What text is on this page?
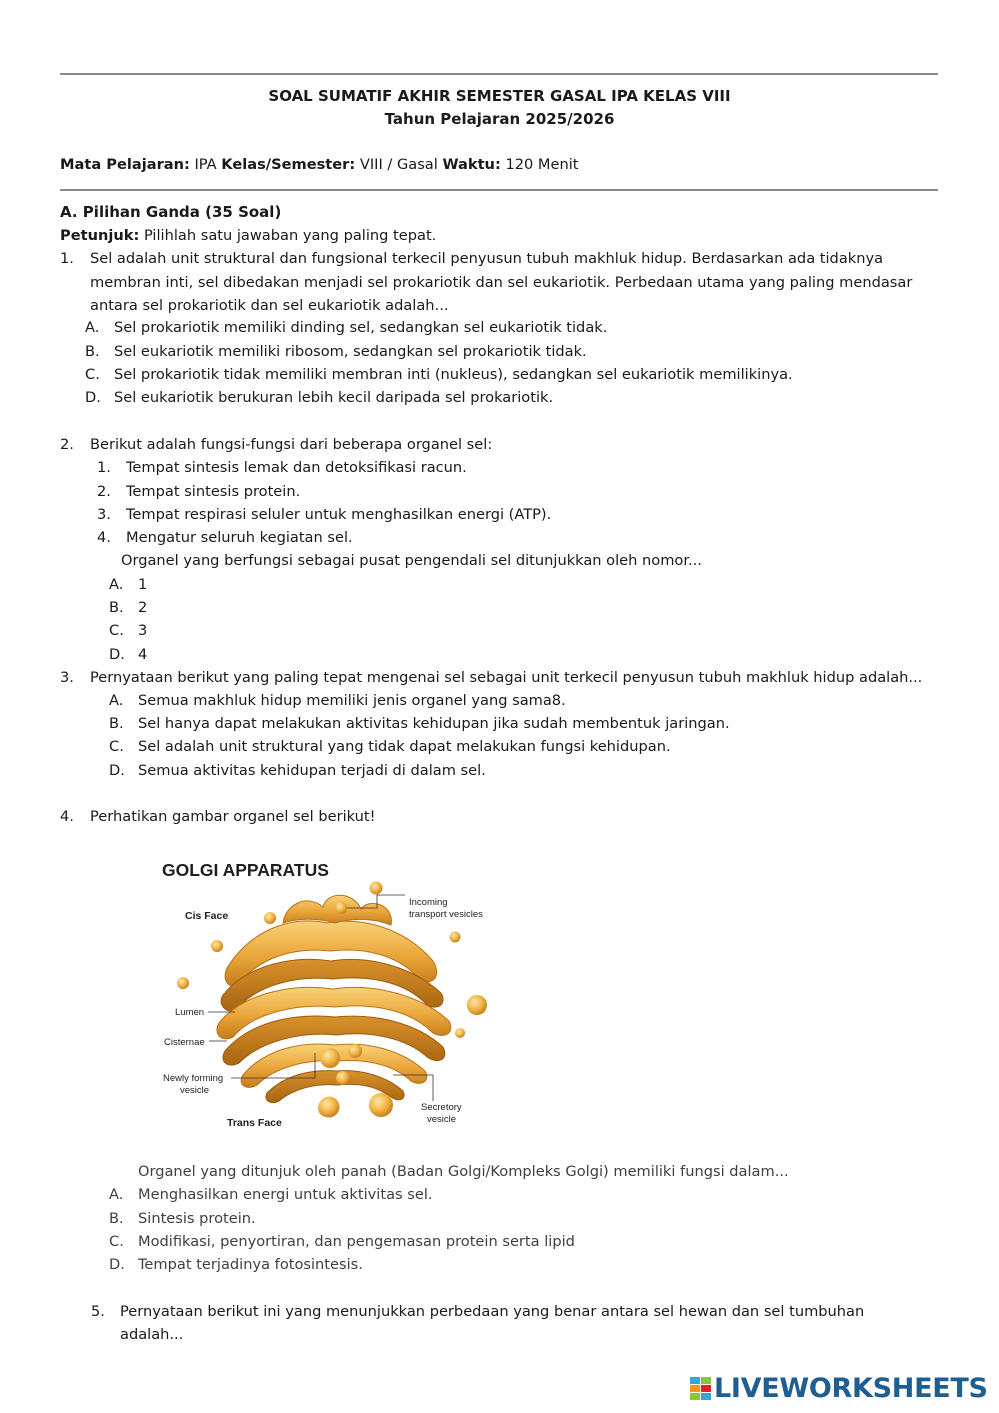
SOAL SUMATIF AKHIR SEMESTER GASAL IPA KELAS VIII
Tahun Pelajaran 2025/2026
Mata Pelajaran: IPA Kelas/Semester: VIII / Gasal Waktu: 120 Menit
A. Pilihan Ganda (35 Soal)
Petunjuk: Pilihlah satu jawaban yang paling tepat.
1. Sel adalah unit struktural dan fungsional terkecil penyusun tubuh makhluk hidup. Berdasarkan ada tidaknya
membran inti, sel dibedakan menjadi sel prokariotik dan sel eukariotik. Perbedaan utama yang paling mendasar
antara sel prokariotik dan sel eukariotik adalah...
A. Sel prokariotik memiliki dinding sel, sedangkan sel eukariotik tidak.
B. Sel eukariotik memiliki ribosom, sedangkan sel prokariotik tidak.
C. Sel prokariotik tidak memiliki membran inti (nukleus), sedangkan sel eukariotik memilikinya.
D. Sel eukariotik berukuran lebih kecil daripada sel prokariotik.
2. Berikut adalah fungsi-fungsi dari beberapa organel sel:
1. Tempat sintesis lemak dan detoksifikasi racun.
2. Tempat sintesis protein.
3. Tempat respirasi seluler untuk menghasilkan energi (ATP).
4. Mengatur seluruh kegiatan sel.
Organel yang berfungsi sebagai pusat pengendali sel ditunjukkan oleh nomor...
A. 1
B. 2
C. 3
D. 4
3. Pernyataan berikut yang paling tepat mengenai sel sebagai unit terkecil penyusun tubuh makhluk hidup adalah...
A. Semua makhluk hidup memiliki jenis organel yang sama8.
B. Sel hanya dapat melakukan aktivitas kehidupan jika sudah membentuk jaringan.
C. Sel adalah unit struktural yang tidak dapat melakukan fungsi kehidupan.
D. Semua aktivitas kehidupan terjadi di dalam sel.
4. Perhatikan gambar organel sel berikut!
GOLGI APPARATUS
Cis Face
Incoming
transport vesicles
Lumen
Cisternae
Newly forming
vesicle
Secretory
vesicle
Trans Face
Organel yang ditunjuk oleh panah (Badan Golgi/Kompleks Golgi) memiliki fungsi dalam...
A. Menghasilkan energi untuk aktivitas sel.
B. Sintesis protein.
C. Modifikasi, penyortiran, dan pengemasan protein serta lipid
D. Tempat terjadinya fotosintesis.
5. Pernyataan berikut ini yang menunjukkan perbedaan yang benar antara sel hewan dan sel tumbuhan
adalah...
LIVEWORKSHEETS
